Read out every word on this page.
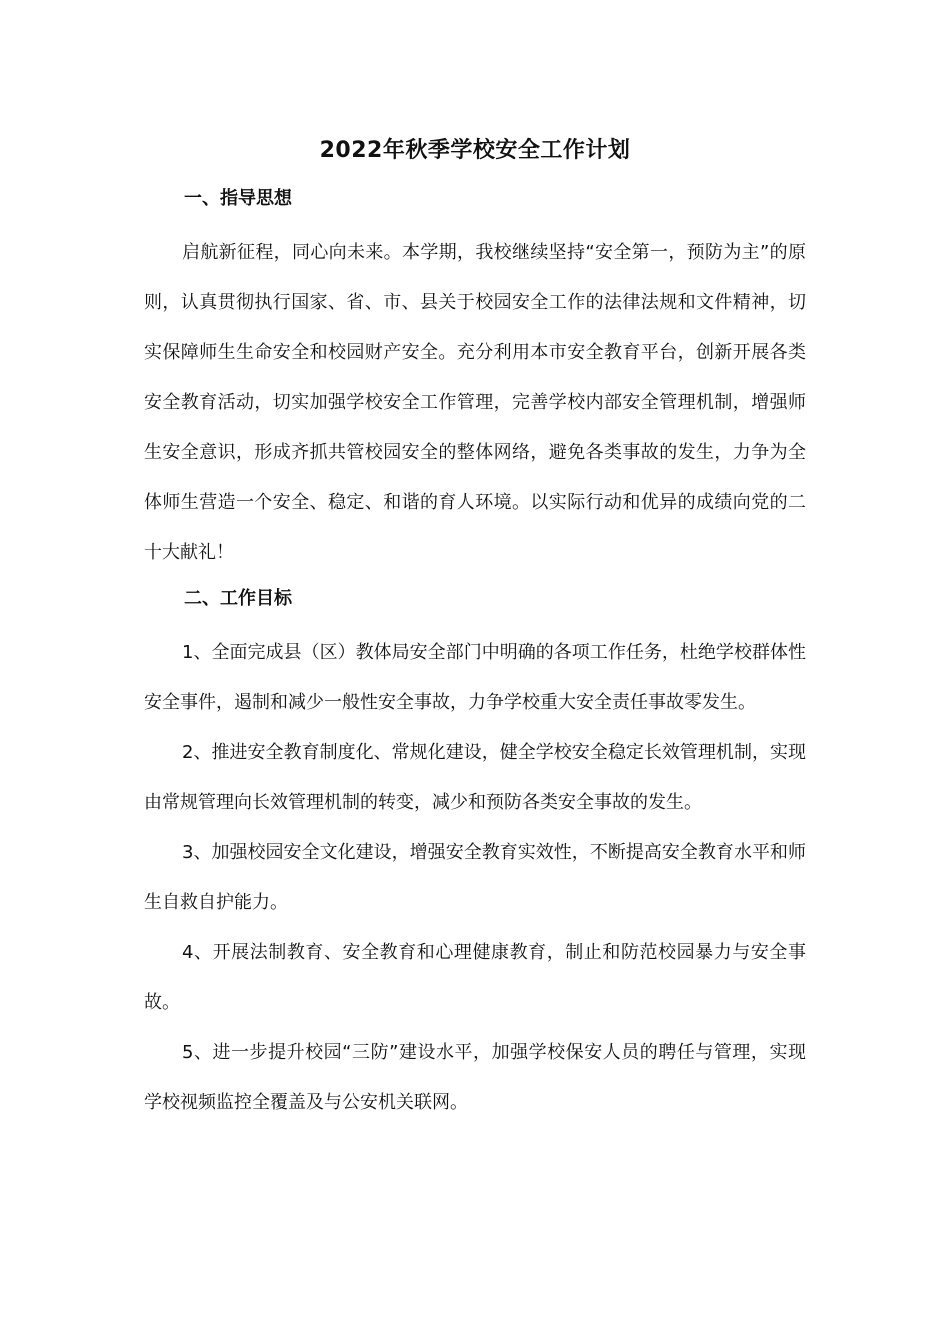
2022年秋季学校安全工作计划

一、指导思想

启航新征程，同心向未来。本学期，我校继续坚持“安全第一，预防为主”的原则，认真贯彻执行国家、省、市、县关于校园安全工作的法律法规和文件精神，切实保障师生生命安全和校园财产安全。充分利用本市安全教育平台，创新开展各类安全教育活动，切实加强学校安全工作管理，完善学校内部安全管理机制，增强师生安全意识，形成齐抓共管校园安全的整体网络，避免各类事故的发生，力争为全体师生营造一个安全、稳定、和谐的育人环境。以实际行动和优异的成绩向党的二十大献礼！

二、工作目标

1、全面完成县（区）教体局安全部门中明确的各项工作任务，杜绝学校群体性安全事件，遏制和减少一般性安全事故，力争学校重大安全责任事故零发生。

2、推进安全教育制度化、常规化建设，健全学校安全稳定长效管理机制，实现由常规管理向长效管理机制的转变，减少和预防各类安全事故的发生。

3、加强校园安全文化建设，增强安全教育实效性，不断提高安全教育水平和师生自救自护能力。

4、开展法制教育、安全教育和心理健康教育，制止和防范校园暴力与安全事故。

5、进一步提升校园“三防”建设水平，加强学校保安人员的聘任与管理，实现学校视频监控全覆盖及与公安机关联网。
